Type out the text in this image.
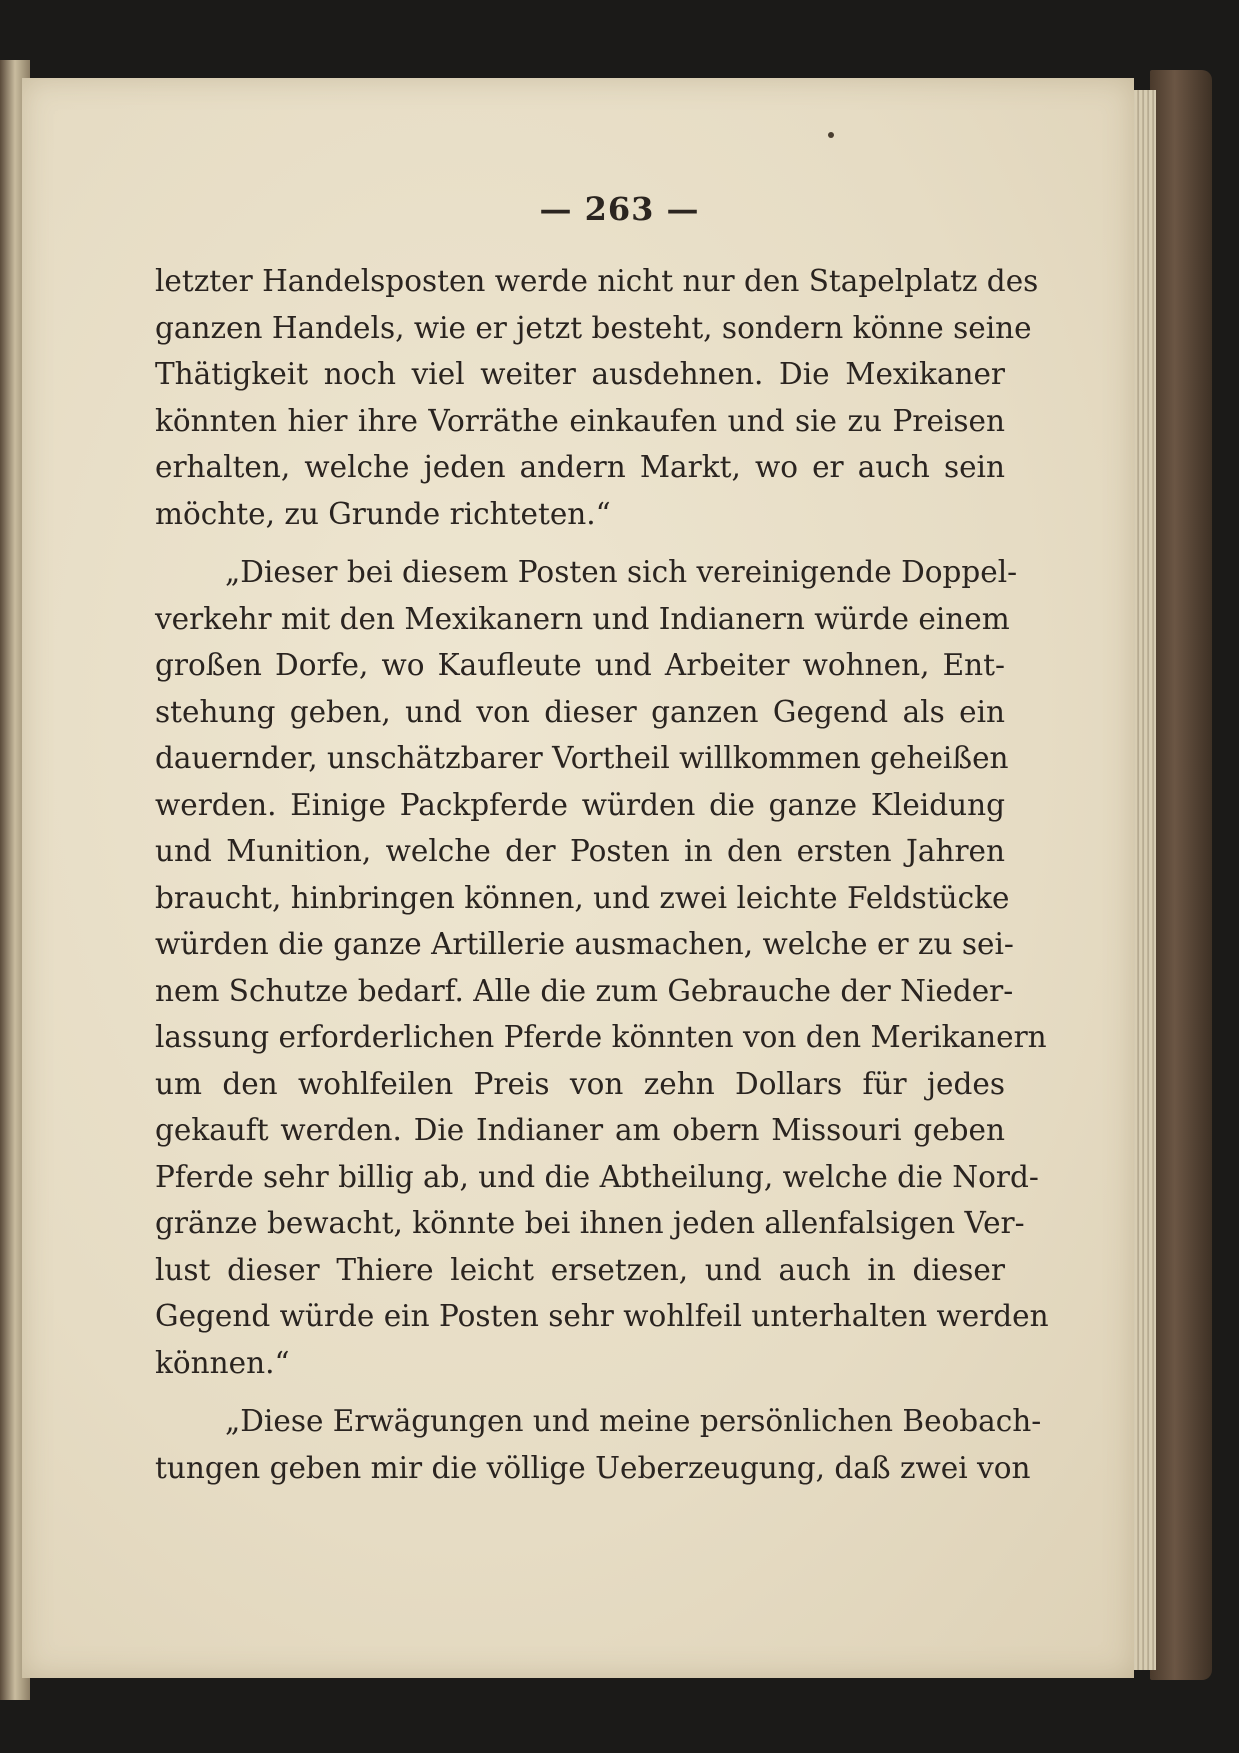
— 263 —

letzter Handelsposten werde nicht nur den Stapelplatz des
ganzen Handels, wie er jetzt besteht, sondern könne seine
Thätigkeit noch viel weiter ausdehnen. Die Mexikaner
könnten hier ihre Vorräthe einkaufen und sie zu Preisen
erhalten, welche jeden andern Markt, wo er auch sein
möchte, zu Grunde richteten.“

„Dieser bei diesem Posten sich vereinigende Doppel-
verkehr mit den Mexikanern und Indianern würde einem
großen Dorfe, wo Kaufleute und Arbeiter wohnen, Ent-
stehung geben, und von dieser ganzen Gegend als ein
dauernder, unschätzbarer Vortheil willkommen geheißen
werden. Einige Packpferde würden die ganze Kleidung
und Munition, welche der Posten in den ersten Jahren
braucht, hinbringen können, und zwei leichte Feldstücke
würden die ganze Artillerie ausmachen, welche er zu sei-
nem Schutze bedarf. Alle die zum Gebrauche der Nieder-
lassung erforderlichen Pferde könnten von den Merikanern
um den wohlfeilen Preis von zehn Dollars für jedes
gekauft werden. Die Indianer am obern Missouri geben
Pferde sehr billig ab, und die Abtheilung, welche die Nord-
gränze bewacht, könnte bei ihnen jeden allenfalsigen Ver-
lust dieser Thiere leicht ersetzen, und auch in dieser
Gegend würde ein Posten sehr wohlfeil unterhalten werden
können.“

„Diese Erwägungen und meine persönlichen Beobach-
tungen geben mir die völlige Ueberzeugung, daß zwei von
